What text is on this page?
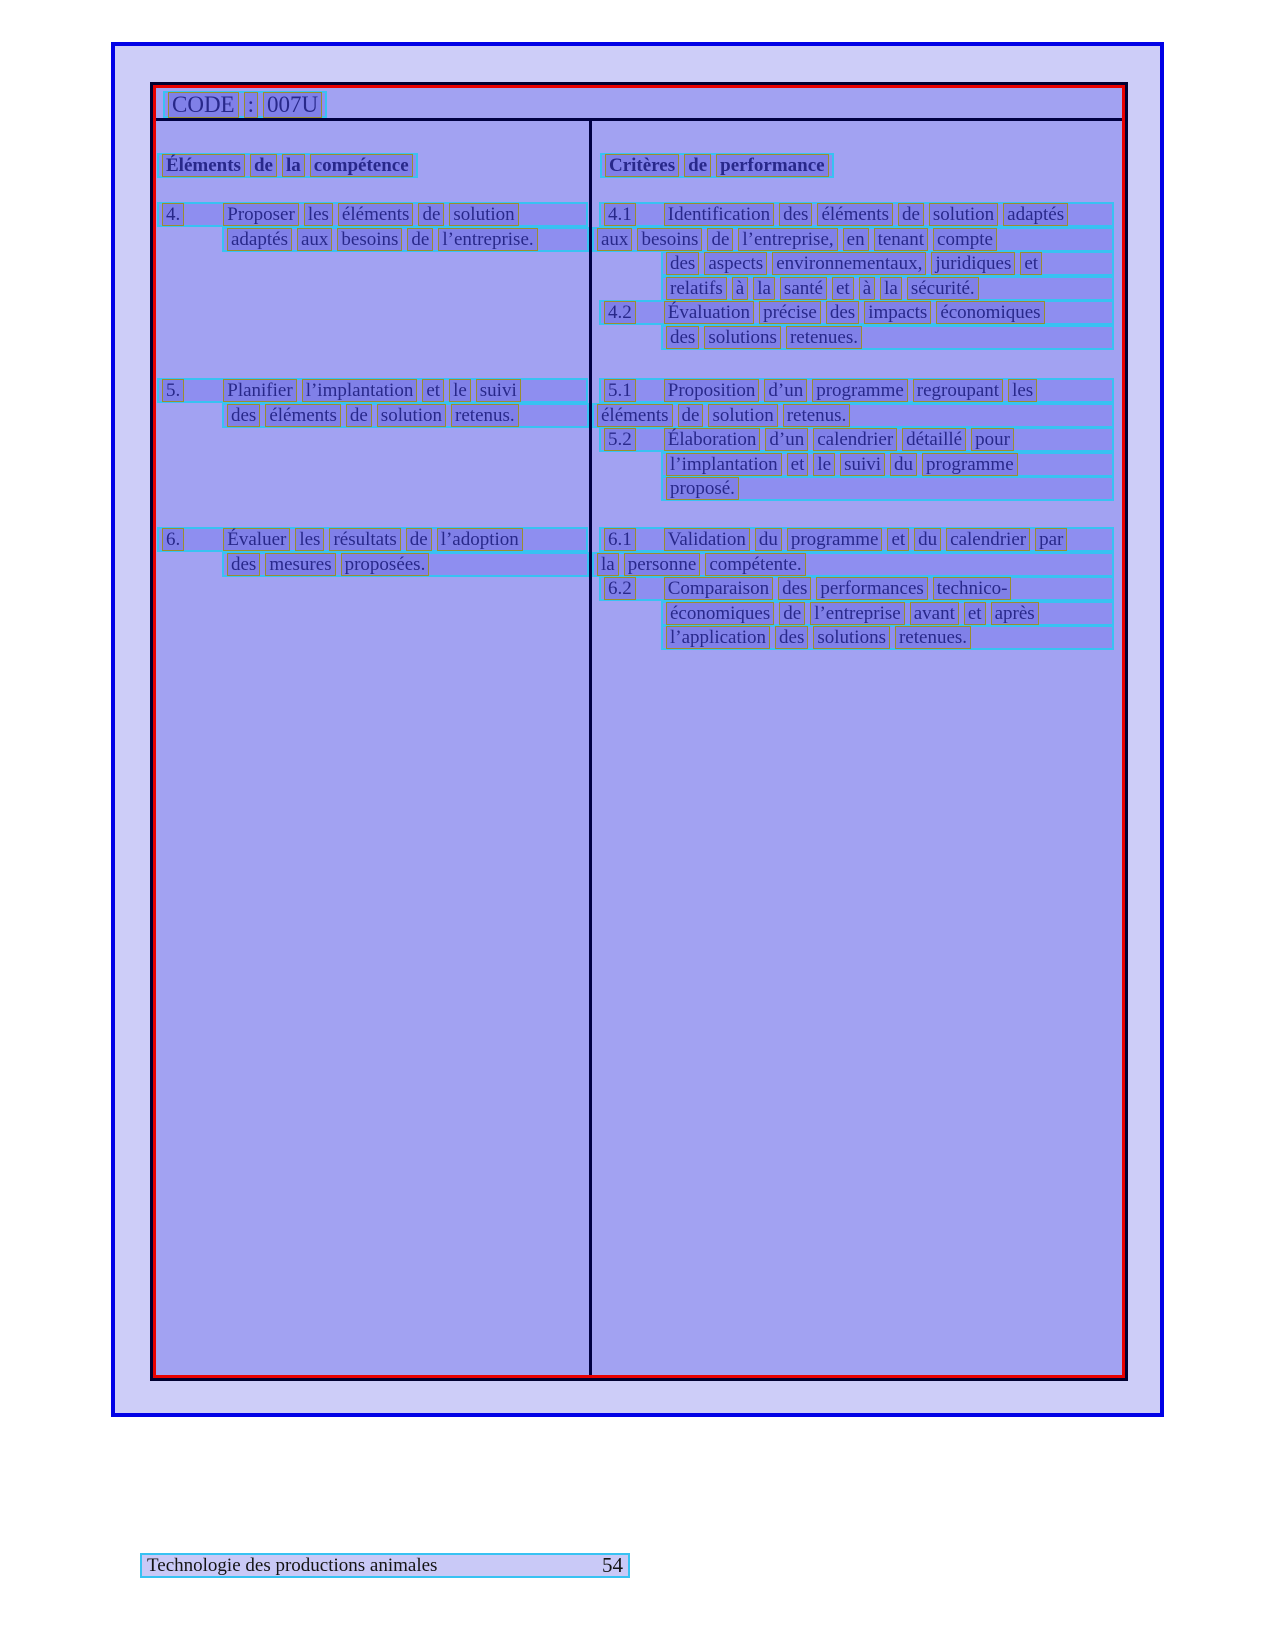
CODE : 007U
Éléments de la compétence	Critères de performance
4. Proposer les éléments de solution
adaptés aux besoins de l’entreprise.
5. Planifier l’implantation et le suivi
des éléments de solution retenus.
6. Évaluer les résultats de l’adoption
des mesures proposées.
4.1 Identification des éléments de solution adaptés
aux besoins de l’entreprise, en tenant compte
des aspects environnementaux, juridiques et
relatifs à la santé et à la sécurité.
4.2 Évaluation précise des impacts économiques
des solutions retenues.
5.1 Proposition d’un programme regroupant les
éléments de solution retenus.
5.2 Élaboration d’un calendrier détaillé pour
l’implantation et le suivi du programme
proposé.
6.1 Validation du programme et du calendrier par
la personne compétente.
6.2 Comparaison des performances technico-
économiques de l’entreprise avant et après
l’application des solutions retenues.
Technologie des productions animales	54
